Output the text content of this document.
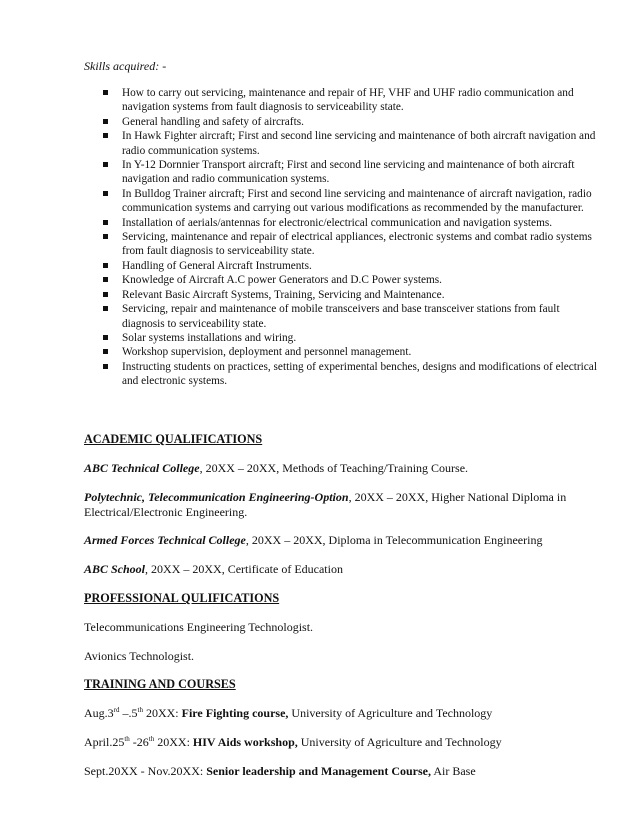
Skills acquired: -
How to carry out servicing, maintenance and repair of HF, VHF and UHF radio communication and navigation systems from fault diagnosis to serviceability state.
General handling and safety of aircrafts.
In Hawk Fighter aircraft; First and second line servicing and maintenance of both aircraft navigation and radio communication systems.
In Y-12 Dornnier Transport aircraft; First and second line servicing and maintenance of both aircraft navigation and radio communication systems.
In Bulldog Trainer aircraft; First and second line servicing and maintenance of aircraft navigation, radio communication systems and carrying out various modifications as recommended by the manufacturer.
Installation of aerials/antennas for electronic/electrical communication and navigation systems.
Servicing, maintenance and repair of electrical appliances, electronic systems and combat radio systems from fault diagnosis to serviceability state.
Handling of General Aircraft Instruments.
Knowledge of Aircraft A.C power Generators and D.C Power systems.
Relevant Basic Aircraft Systems, Training, Servicing and Maintenance.
Servicing, repair and maintenance of mobile transceivers and base transceiver stations from fault diagnosis to serviceability state.
Solar systems installations and wiring.
Workshop supervision, deployment and personnel management.
Instructing students on practices, setting of experimental benches, designs and modifications of electrical and electronic systems.
ACADEMIC QUALIFICATIONS
ABC Technical College, 20XX – 20XX, Methods of Teaching/Training Course.
Polytechnic, Telecommunication Engineering-Option, 20XX – 20XX, Higher National Diploma in Electrical/Electronic Engineering.
Armed Forces Technical College, 20XX – 20XX, Diploma in Telecommunication Engineering
ABC School, 20XX – 20XX, Certificate of Education
PROFESSIONAL QULIFICATIONS
Telecommunications Engineering Technologist.
Avionics Technologist.
TRAINING AND COURSES
Aug.3rd –.5th 20XX: Fire Fighting course, University of Agriculture and Technology
April.25th -26th 20XX: HIV Aids workshop, University of Agriculture and Technology
Sept.20XX - Nov.20XX: Senior leadership and Management Course, Air Base
